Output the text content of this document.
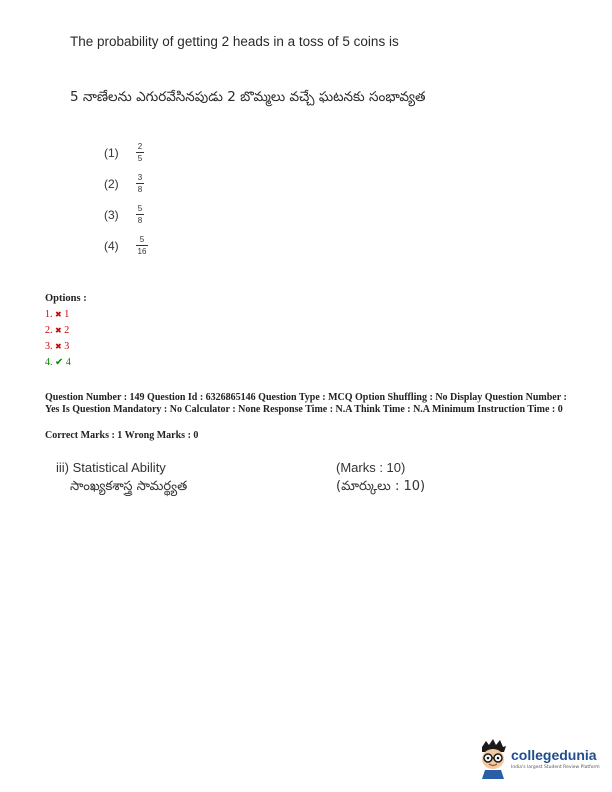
The probability of getting 2 heads in a toss of 5 coins is
5 నాణేలను ఎగురవేసినపుడు 2 బొమ్మలు వచ్చే ఘటనకు సంభావ్యత
(1) 2
5
(2) 3
8
(3) 5
8
(4)	5
16
Options :
1. ✖ 1
2. ✖ 2
3. ✖ 3
4. ✔ 4
Question Number : 149 Question Id : 6326865146 Question Type : MCQ Option Shuffling : No Display Question Number : Yes Is Question Mandatory : No Calculator : None Response Time : N.A Think Time : N.A Minimum Instruction Time : 0
Correct Marks : 1 Wrong Marks : 0
iii) Statistical Ability	(Marks : 10)
సాంఖ్యకశాస్త్ర సామర్థ్యత	(మార్కులు : 10)
collegedunia
India's largest Student Review Platform
